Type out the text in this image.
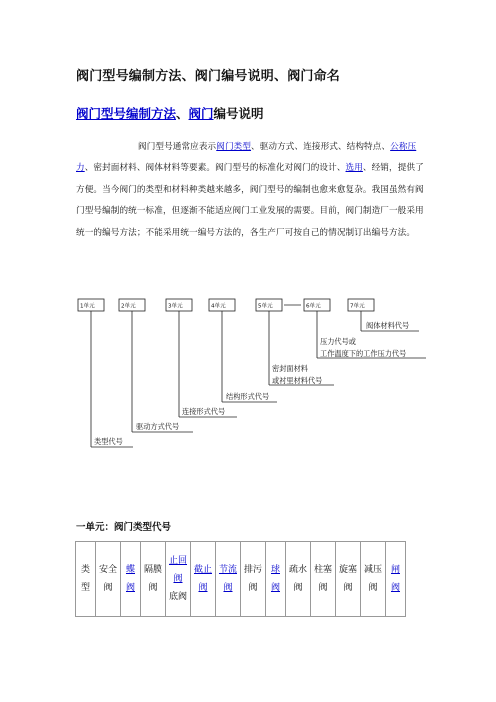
阀门型号编制方法、阀门编号说明、阀门命名
阀门型号编制方法、阀门编号说明
阀门型号通常应表示阀门类型、驱动方式、连接形式、结构特点、公称压力、密封面材料、阀体材料等要素。阀门型号的标准化对阀门的设计、选用、经销，提供了方便。当今阀门的类型和材料种类越来越多，阀门型号的编制也愈来愈复杂。我国虽然有阀门型号编制的统一标准，但逐渐不能适应阀门工业发展的需要。目前，阀门制造厂一般采用统一的编号方法；不能采用统一编号方法的，各生产厂可按自己的情况制订出编号方法。
1单元	2单元	3单元	4单元	5单元	6单元	7单元
阀体材料代号
压力代号或
工作温度下的工作压力代号
密封面材料
或衬里材料代号
结构形式代号
连接形式代号
驱动方式代号
类型代号
一单元：阀门类型代号
类
型

安全
阀

蝶
阀

隔膜
阀

止回
阀
底阀

截止
阀

节流
阀

排污
阀

球
阀

疏水
阀

柱塞
阀

旋塞
阀

减压
阀

闸
阀
